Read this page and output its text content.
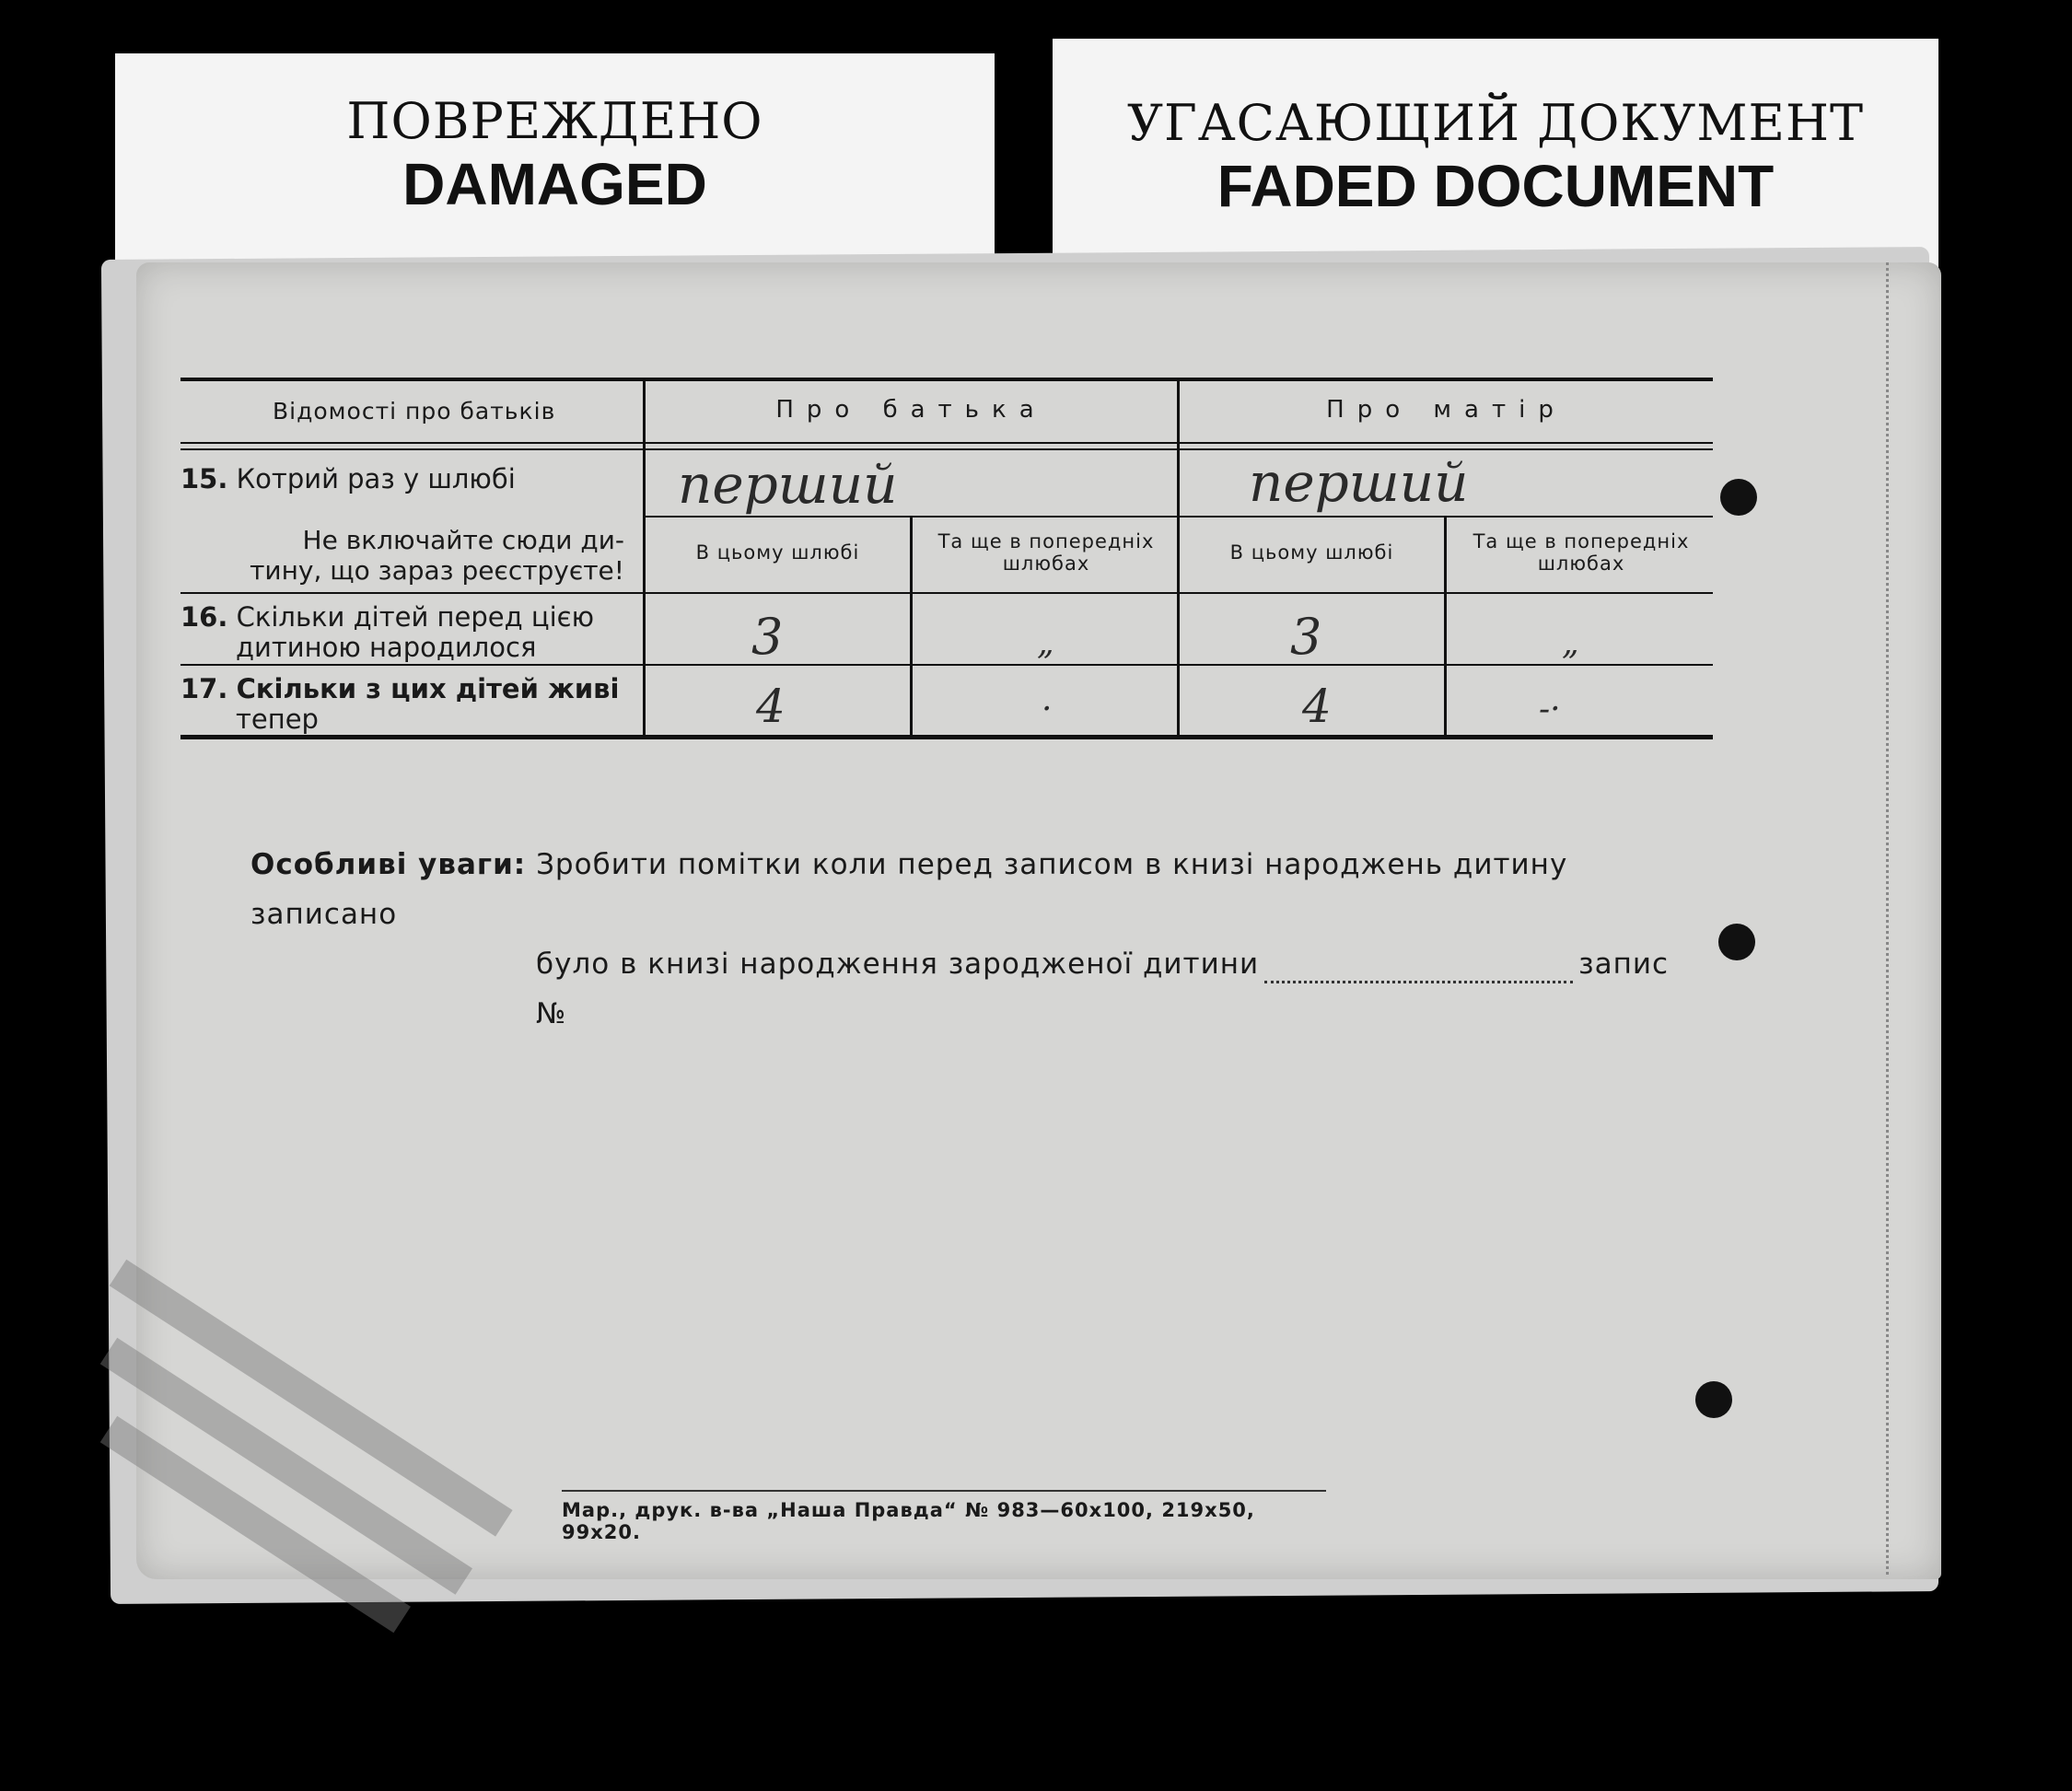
ПОВРЕЖДЕНО
DAMAGED
УГАСАЮЩИЙ ДОКУМЕНТ
FADED DOCUMENT
Відомості про батьків	Про батька	Про матір
15. Котрий раз у шлюбі	перший	перший
Не включайте сюди ди-
тину, що зараз реєструєте!
В цьому шлюбі	Та ще в попередніх шлюбах	В цьому шлюбі	Та ще в попередніх шлюбах
16. Скільки дітей перед цією
дитиною народилося	3	„	3	„
17. Скільки з цих дітей живі
тепер	4	·	4	-·
Особливі уваги: Зробити помітки коли перед записом в книзі народжень дитину записано
було в книзі народження зародженої дитини	запис №
Мар., друк. в-ва „Наша Правда“ № 983—60x100, 219x50, 99x20.
